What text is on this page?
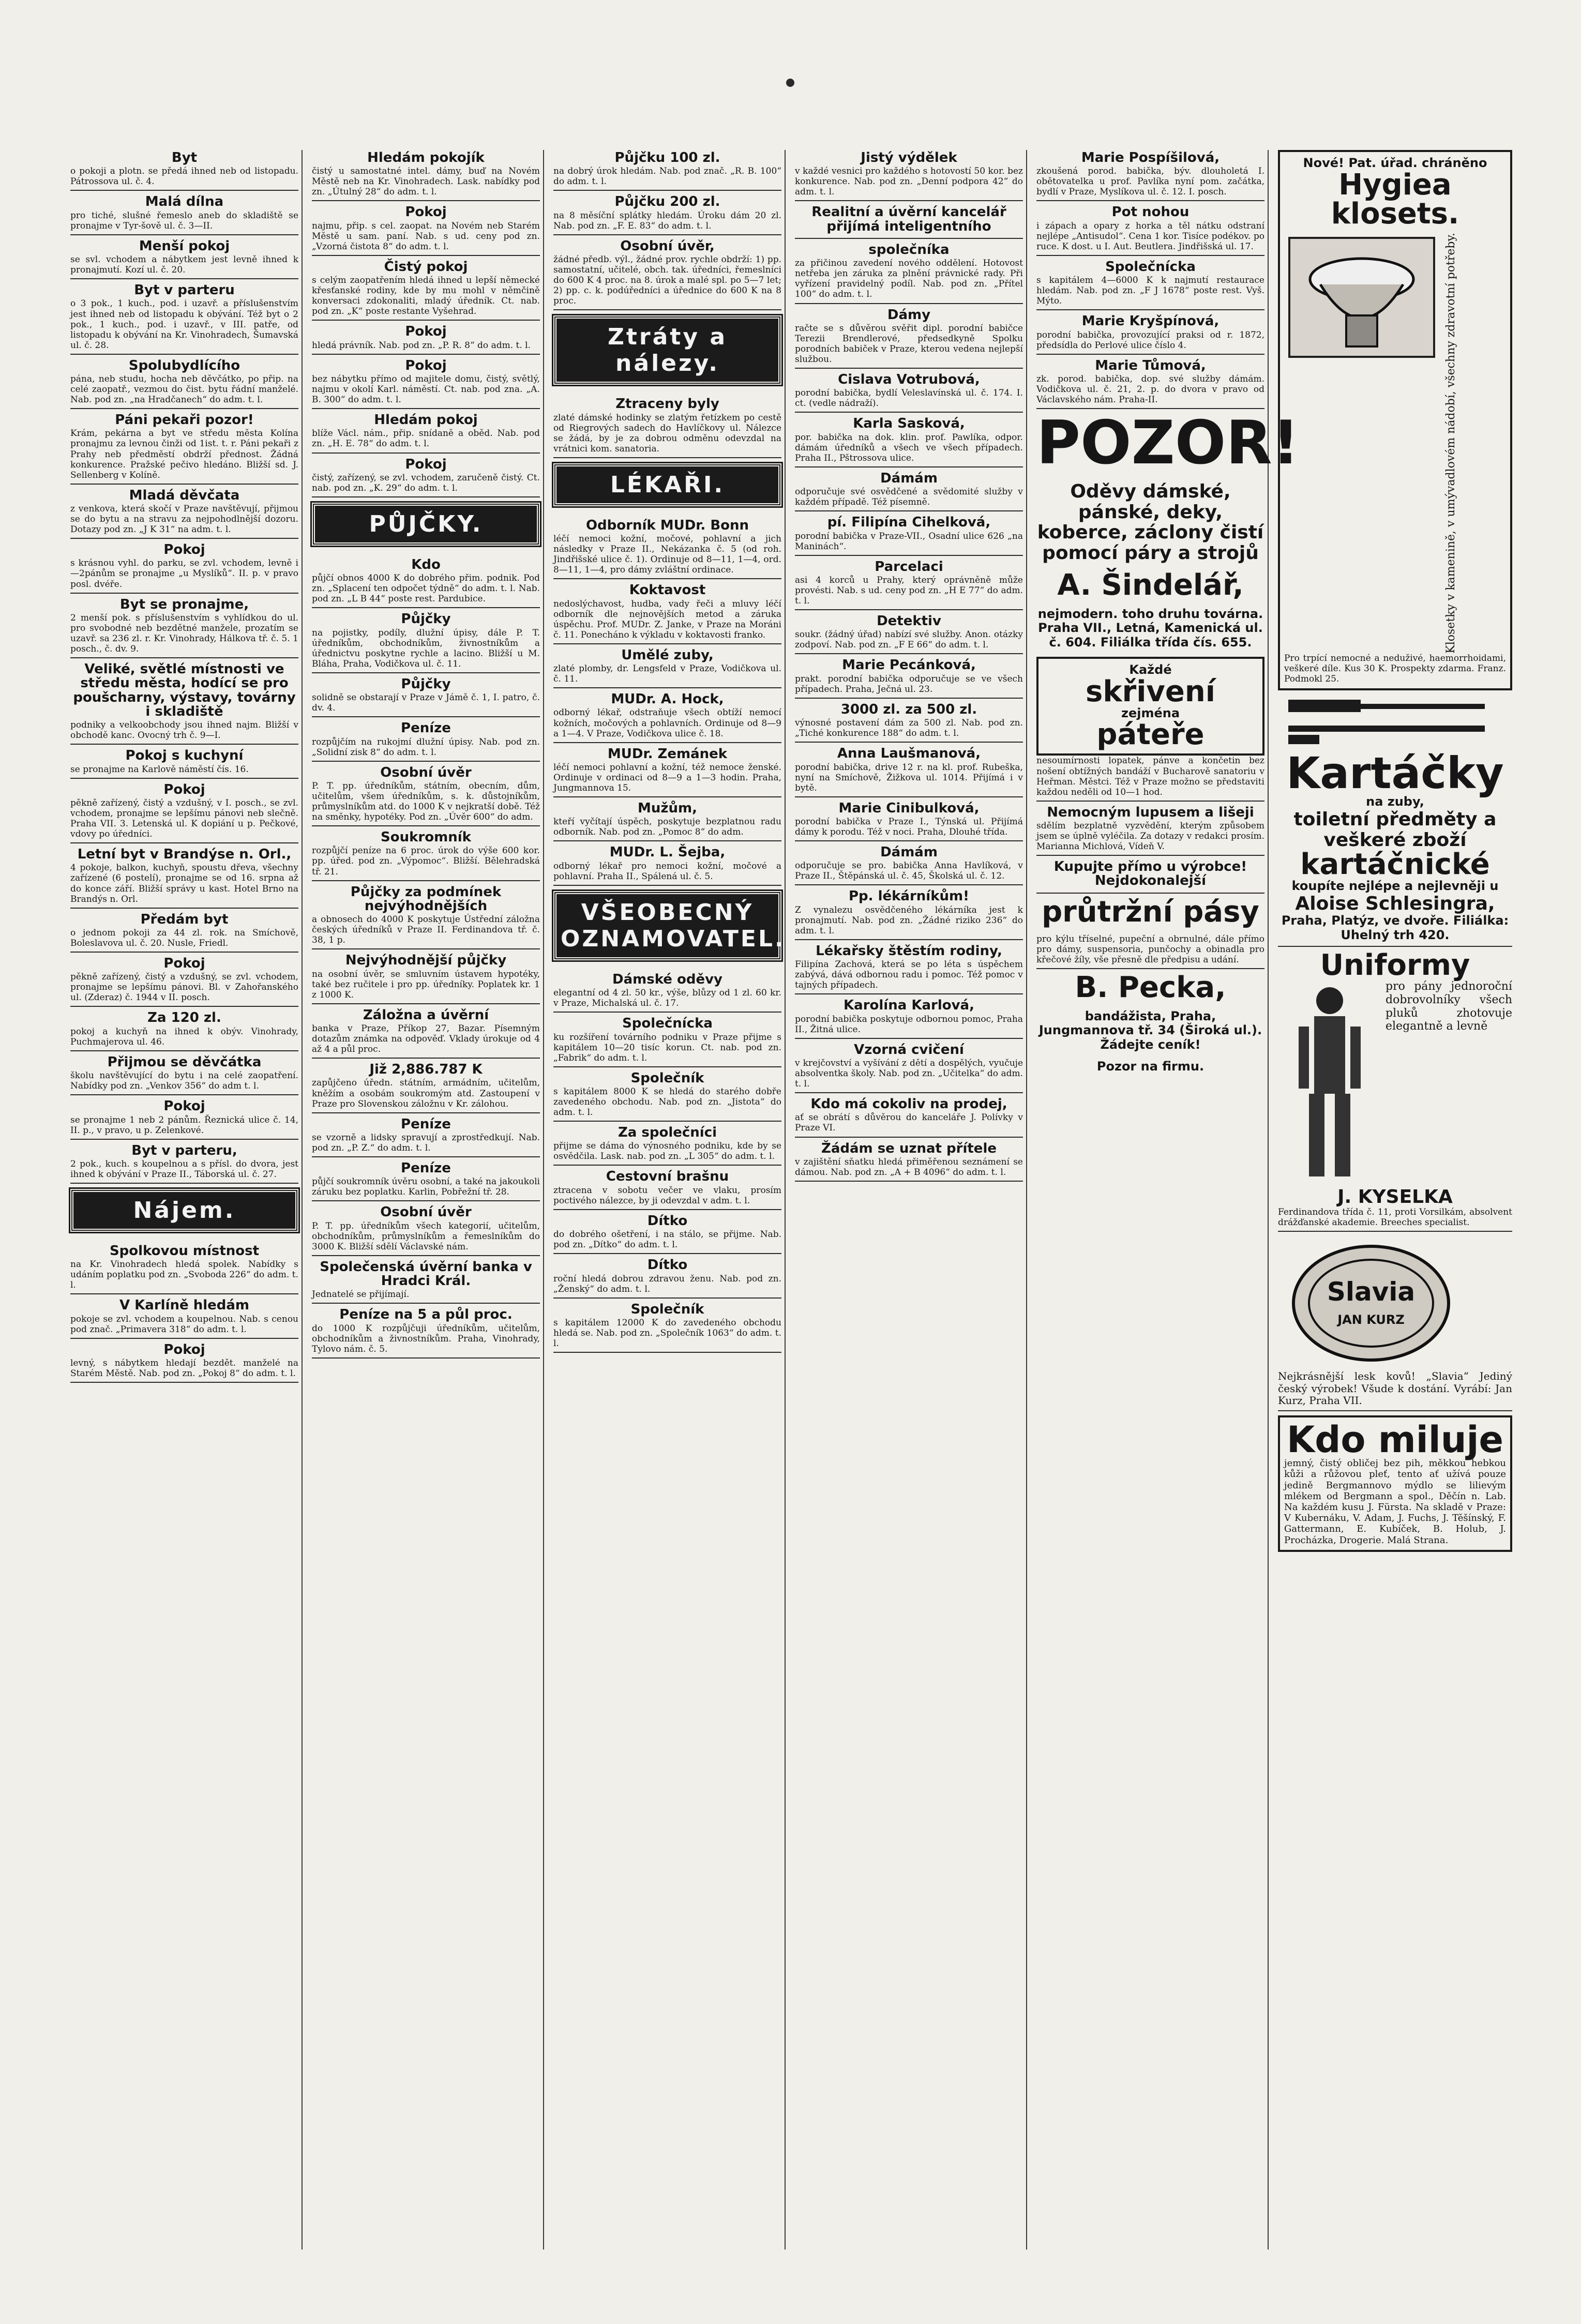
Byt

o pokoji a plotn. se předá ihned neb od listopadu. Pátrossova ul. č. 4.

Malá dílna

pro tiché, slušné řemeslo aneb do skladiště se pronajme v Tyr-šově ul. č. 3—II.

Menší pokoj

se svl. vchodem a nábytkem jest levně ihned k pronajmutí. Kozí ul. č. 20.

Byt v parteru

o 3 pok., 1 kuch., pod. i uzavř. a příslušenstvím jest ihned neb od listopadu k obývání. Též byt o 2 pok., 1 kuch., pod. i uzavř., v III. patře, od listopadu k obývání na Kr. Vinohradech, Šumavská ul. č. 28.

Spolubydlícího

pána, neb studu, hocha neb děvčátko, po přip. na celé zaopatř., vezmou do čist. bytu řádní manželé. Nab. pod zn. „na Hradčanech“ do adm. t. l.

Páni pekaři pozor!

Krám, pekárna a byt ve středu města Kolína pronajmu za levnou činži od 1ist. t. r. Páni pekaři z Prahy neb předměstí obdrží přednost. Žádná konkurence. Pražské pečivo hledáno. Bližší sd. J. Sellenberg v Kolíně.

Mladá děvčata

z venkova, která skočí v Praze navštěvují, přijmou se do bytu a na stravu za nejpohodlnější dozoru. Dotazy pod zn. „J K 31“ na adm. t. l.

Pokoj

s krásnou vyhl. do parku, se zvl. vchodem, levně i—2pánům se pronajme „u Myslíků“. II. p. v pravo posl. dvéře.

Byt se pronajme,

2 menší pok. s příslušenstvím s vyhlídkou do ul. pro svobodné neb bezdětné manžele, prozatím se uzavř. sa 236 zl. r. Kr. Vinohrady, Hálkova tř. č. 5. 1 posch., č. dv. 9.

Veliké, světlé místnosti ve středu města, hodící se pro poušcharny, výstavy, továrny i skladiště

podniky a velkoobchody jsou ihned najm. Bližší v obchodě kanc. Ovocný trh č. 9—I.

Pokoj s kuchyní

se pronajme na Karlově náměstí čís. 16.

Pokoj

pěkně zařízený, čistý a vzdušný, v I. posch., se zvl. vchodem, pronajme se lepšímu pánovi neb slečně. Praha VII. 3. Letenská ul. K dopiání u p. Pečkové, vdovy po úředníci.

Letní byt v Brandýse n. Orl.,

4 pokoje, balkon, kuchyň, spoustu dřeva, všechny zařízené (6 postelí), pronajme se od 16. srpna až do konce září. Bližší správy u kast. Hotel Brno na Brandýs n. Orl.

Předám byt

o jednom pokoji za 44 zl. rok. na Smíchově, Boleslavova ul. č. 20. Nusle, Friedl.

Pokoj

pěkně zařízený, čistý a vzdušný, se zvl. vchodem, pronajme se lepšímu pánovi. Bl. v Zahořanského ul. (Zderaz) č. 1944 v II. posch.

Za 120 zl.

pokoj a kuchyň na ihned k obýv. Vinohrady, Puchmajerova ul. 46.

Přijmou se děvčátka

školu navštěvující do bytu i na celé zaopatření. Nabídky pod zn. „Venkov 356“ do adm t. l.

Pokoj

se pronajme 1 neb 2 pánům. Řeznická ulice č. 14, II. p., v pravo, u p. Zelenkové.

Byt v parteru,

2 pok., kuch. s koupelnou a s přísl. do dvora, jest ihned k obývání v Praze II., Táborská ul. č. 27.

Nájem.
Spolkovou místnost

na Kr. Vinohradech hledá spolek. Nabídky s udáním poplatku pod zn. „Svoboda 226“ do adm. t. l.

V Karlíně hledám

pokoje se zvl. vchodem a koupelnou. Nab. s cenou pod znač. „Primavera 318“ do adm. t. l.

Pokoj

levný, s nábytkem hledají bezdět. manželé na Starém Městě. Nab. pod zn. „Pokoj 8“ do adm. t. l.

Hledám pokojík

čistý u samostatné intel. dámy, buď na Novém Městě neb na Kr. Vinohradech. Lask. nabídky pod zn. „Útulný 28“ do adm. t. l.

Pokoj

najmu, přip. s cel. zaopat. na Novém neb Starém Městě u sam. paní. Nab. s ud. ceny pod zn. „Vzorná čistota 8“ do adm. t. l.

Čistý pokoj

s celým zaopatřením hledá ihned u lepší německé křesťanské rodiny, kde by mu mohl v němčině konversaci zdokonaliti, mladý úředník. Ct. nab. pod zn. „K“ poste restante Vyšehrad.

Pokoj

hledá právník. Nab. pod zn. „P. R. 8“ do adm. t. l.

Pokoj

bez nábytku přímo od majitele domu, čistý, světlý, najmu v okolí Karl. náměstí. Ct. nab. pod zna. „A. B. 300“ do adm. t. l.

Hledám pokoj

blíže Václ. nám., přip. snídaně a oběd. Nab. pod zn. „H. E. 78“ do adm. t. l.

Pokoj

čistý, zařízený, se zvl. vchodem, zaručeně čistý. Ct. nab. pod zn. „K. 29“ do adm. t. l.

PŮJČKY.
Kdo

půjčí obnos 4000 K do dobrého přim. podnik. Pod zn. „Splacení ten odpočet týdně“ do adm. t. l. Nab. pod zn. „L B 44“ poste rest. Pardubice.

Půjčky

na pojistky, podíly, dlužní úpisy, dále P. T. úředníkům, obchodníkům, živnostníkům a úřednictvu poskytne rychle a lacino. Bližší u M. Bláha, Praha, Vodičkova ul. č. 11.

Půjčky

solidně se obstarají v Praze v Jámě č. 1, I. patro, č. dv. 4.

Peníze

rozpůjčím na rukojmí dlužní úpisy. Nab. pod zn. „Solidní zisk 8“ do adm. t. l.

Osobní úvěr

P. T. pp. úředníkům, státním, obecním, dům, učitelům, všem úředníkům, s. k. důstojníkům, průmyslníkům atd. do 1000 K v nejkratší době. Též na směnky, hypotéky. Pod zn. „Úvěr 600“ do adm.

Soukromník

rozpůjčí peníze na 6 proc. úrok do výše 600 kor. pp. úřed. pod zn. „Výpomoc“. Bližší. Bělehradská tř. 21.

Půjčky za podmínek nejvýhodnějších

a obnosech do 4000 K poskytuje Ústřední záložna českých úředníků v Praze II. Ferdinandova tř. č. 38, 1 p.

Nejvýhodnější půjčky

na osobní úvěr, se smluvním ústavem hypotéky, také bez ručitele i pro pp. úředníky. Poplatek kr. 1 z 1000 K.

Záložna a úvěrní

banka v Praze, Příkop 27, Bazar. Písemným dotazům známka na odpověď. Vklady úrokuje od 4 až 4 a půl proc.

Již 2,886.787 K

zapůjčeno úředn. státním, armádním, učitelům, kněžím a osobám soukromým atd. Zastoupení v Praze pro Slovenskou záložnu v Kr. zálohou.

Peníze

se vzorně a lidsky spravují a zprostředkují. Nab. pod zn. „P. Z.“ do adm. t. l.

Peníze

půjčí soukromník úvěru osobní, a také na jakoukoli záruku bez poplatku. Karlin, Pobřežní tř. 28.

Osobní úvěr

P. T. pp. úředníkům všech kategorií, učitelům, obchodníkům, průmyslníkům a řemeslníkům do 3000 K. Bližší sdělí Václavské nám.

Společenská úvěrní banka v Hradci Král.

Jednatelé se přijímají.

Peníze na 5 a půl proc.

do 1000 K rozpůjčuji úředníkům, učitelům, obchodníkům a živnostníkům. Praha, Vinohrady, Tylovo nám. č. 5.

Půjčku 100 zl.

na dobrý úrok hledám. Nab. pod znač. „R. B. 100“ do adm. t. l.

Půjčku 200 zl.

na 8 měsíční splátky hledám. Úroku dám 20 zl. Nab. pod zn. „F. E. 83“ do adm. t. l.

Osobní úvěr,

žádné předb. výl., žádné prov. rychle obdrží: 1) pp. samostatní, učitelé, obch. tak. úředníci, řemeslníci do 600 K 4 proc. na 8. úrok a malé spl. po 5—7 let; 2) pp. c. k. podúředníci a úřednice do 600 K na 8 proc.

Ztráty a nálezy.
Ztraceny byly

zlaté dámské hodinky se zlatým řetízkem po cestě od Riegrových sadech do Havlíčkovy ul. Nálezce se žádá, by je za dobrou odměnu odevzdal na vrátnici kom. sanatoria.

LÉKAŘI.
Odborník MUDr. Bonn

léčí nemoci kožní, močové, pohlavní a jich následky v Praze II., Nekázanka č. 5 (od roh. Jindřišské ulice č. 1). Ordinuje od 8—11, 1—4, ord. 8—11, 1—4, pro dámy zvláštní ordinace.

Koktavost

nedoslýchavost, hudba, vady řeči a mluvy léčí odborník dle nejnovějších metod a záruka úspěchu. Prof. MUDr. Z. Janke, v Praze na Moráni č. 11. Ponecháno k výkladu v koktavosti franko.

Umělé zuby,

zlaté plomby, dr. Lengsfeld v Praze, Vodičkova ul. č. 11.

MUDr. A. Hock,

odborný lékař, odstraňuje všech obtíží nemocí kožních, močových a pohlavních. Ordinuje od 8—9 a 1—4. V Praze, Vodičkova ulice č. 18.

MUDr. Zemánek

léčí nemoci pohlavní a kožní, též nemoce ženské. Ordinuje v ordinaci od 8—9 a 1—3 hodin. Praha, Jungmannova 15.

Mužům,

kteří vyčítají úspěch, poskytuje bezplatnou radu odborník. Nab. pod zn. „Pomoc 8“ do adm.

MUDr. L. Šejba,

odborný lékař pro nemoci kožní, močové a pohlavní. Praha II., Spálená ul. č. 5.

VŠEOBECNÝ OZNAMOVATEL.
Dámské oděvy

elegantní od 4 zl. 50 kr., výše, blůzy od 1 zl. 60 kr. v Praze, Michalská ul. č. 17.

Společnícka

ku rozšíření továrního podniku v Praze přijme s kapitálem 10—20 tisíc korun. Ct. nab. pod zn. „Fabrik“ do adm. t. l.

Společník

s kapitálem 8000 K se hledá do starého dobře zavedeného obchodu. Nab. pod zn. „Jistota“ do adm. t. l.

Za společníci

přijme se dáma do výnosného podniku, kde by se osvědčila. Lask. nab. pod zn. „L 305“ do adm. t. l.

Cestovní brašnu

ztracena v sobotu večer ve vlaku, prosím poctivého nálezce, by ji odevzdal v adm. t. l.

Dítko

do dobrého ošetření, i na stálo, se přijme. Nab. pod zn. „Dítko“ do adm. t. l.

Dítko

roční hledá dobrou zdravou ženu. Nab. pod zn. „Ženský“ do adm. t. l.

Společník

s kapitálem 12000 K do zavedeného obchodu hledá se. Nab. pod zn. „Společník 1063“ do adm. t. l.

Jistý výdělek

v každé vesnici pro každého s hotovostí 50 kor. bez konkurence. Nab. pod zn. „Denní podpora 42“ do adm. t. l.

Realitní a úvěrní kancelář přijímá inteligentního
společníka

za přičinou zavedení nového oddělení. Hotovost netřeba jen záruka za plnění právnické rady. Při vyřízení pravidelný podíl. Nab. pod zn. „Přítel 100“ do adm. t. l.

Dámy

račte se s důvěrou svěřit dipl. porodní babičce Terezii Brendlerové, předsedkyně Spolku porodních babiček v Praze, kterou vedena nejlepší službou.

Cislava Votrubová,

porodní babička, bydlí Veleslavínská ul. č. 174. I. ct. (vedle nádraží).

Karla Sasková,

por. babička na dok. klin. prof. Pawlíka, odpor. dámám úředníků a všech ve všech případech. Praha II., Pštrossova ulice.

Dámám

odporučuje své osvědčené a svědomité služby v každém případě. Též písemně.

pí. Filipína Cihelková,

porodní babička v Praze-VII., Osadní ulice 626 „na Maninách“.

Parcelaci

asi 4 korců u Prahy, který oprávněně může provésti. Nab. s ud. ceny pod zn. „H E 77“ do adm. t. l.

Detektiv

soukr. (žádný úřad) nabízí své služby. Anon. otázky zodpoví. Nab. pod zn. „F E 66“ do adm. t. l.

Marie Pecánková,

prakt. porodní babička odporučuje se ve všech případech. Praha, Ječná ul. 23.

3000 zl. za 500 zl.

výnosné postavení dám za 500 zl. Nab. pod zn. „Tiché konkurence 188“ do adm. t. l.

Anna Laušmanová,

porodní babička, drive 12 r. na kl. prof. Rubeška, nyní na Smíchově, Žižkova ul. 1014. Přijímá i v bytě.

Marie Cinibulková,

porodní babička v Praze I., Týnská ul. Přijímá dámy k porodu. Též v noci. Praha, Dlouhé třída.

Dámám

odporučuje se pro. babička Anna Havlíková, v Praze II., Štěpánská ul. č. 45, Školská ul. č. 12.

Pp. lékárníkům!

Z vynalezu osvědčeného lékárníka jest k pronajmutí. Nab. pod zn. „Žádné riziko 236“ do adm. t. l.

Lékařsky štěstím rodiny,

Filipína Zachová, která se po léta s úspěchem zabývá, dává odbornou radu i pomoc. Též pomoc v tajných případech.

Karolína Karlová,

porodní babička poskytuje odbornou pomoc, Praha II., Žitná ulice.

Vzorná cvičení

v krejčovství a vyšívání z dětí a dospělých, vyučuje absolventka školy. Nab. pod zn. „Učitelka“ do adm. t. l.

Kdo má cokoliv na prodej,

ať se obrátí s důvěrou do kanceláře J. Polívky v Praze VI.

Žádám se uznat přítele

v zajištění sňatku hledá přiměřenou seznámení se dámou. Nab. pod zn. „A + B 4096“ do adm. t. l.

Marie Pospíšilová,

zkoušená porod. babička, býv. dlouholetá I. obětovatelka u prof. Pavlíka nyní pom. začátka, bydlí v Praze, Myslíkova ul. č. 12. I. posch.

Pot nohou

i zápach a opary z horka a těl nátku odstraní nejlépe „Antisudol“. Cena 1 kor. Tisíce podékov. po ruce. K dost. u I. Aut. Beutlera. Jindřišská ul. 17.

Společnícka

s kapitálem 4—6000 K k najmutí restaurace hledám. Nab. pod zn. „F J 1678“ poste rest. Vyš. Mýto.

Marie Kryšpínová,

porodní babička, provozující praksi od r. 1872, předsídla do Perlové ulice číslo 4.

Marie Tůmová,

zk. porod. babička, dop. své služby dámám. Vodičkova ul. č. 21, 2. p. do dvora v pravo od Václavského nám. Praha-II.

POZOR!
Oděvy dámské, pánské, deky, koberce, záclony čistí pomocí páry a strojů
A. Šindelář,
nejmodern. toho druhu továrna. Praha VII., Letná, Kamenická ul. č. 604. Filiálka třída čís. 655.
Každé
skřivení
zejména
páteře

nesoumírnosti lopatek, pánve a končetin bez nošení obtížných bandáží v Bucharově sanatoriu v Heřman. Městci. Též v Praze možno se představiti každou neděli od 10—1 hod.

Nemocným lupusem a lišeji

sdělím bezplatně vyzvědění, kterým způsobem jsem se úplně vyléčila. Za dotazy v redakci prosím. Marianna Michlová, Vídeň V.

Kupujte přímo u výrobce! Nejdokonalejší
průtržní pásy

pro kýlu tříselné, pupeční a obrnulné, dále přímo pro dámy, suspensoria, punčochy a obinadla pro křečové žíly, vše přesně dle předpisu a udání.

B. Pecka,
bandážista, Praha, Jungmannova tř. 34 (Široká ul.). Žádejte ceník!
Pozor na firmu.
Nové! Pat. úřad. chráněno
Hygiea klosets.
Klosetky v kamenině, v umývadlovém nádobí, všechny zdravotní potřeby.

Pro trpící nemocné a neduživé, haemorrhoidami, veškeré díle. Kus 30 K. Prospekty zdarma. Franz. Podmokl 25.

Kartáčky
na zuby,
toiletní předměty a veškeré zboží
kartáčnické
koupíte nejlépe a nejlevněji u
Aloise Schlesingra,
Praha, Platýz, ve dvoře. Filiálka: Uhelný trh 420.
Uniformy

pro pány jednoroční dobrovolníky všech pluků zhotovuje elegantně a levně

J. KYSELKA

Ferdinandova třída č. 11, proti Vorsilkám, absolvent drážďanské akademie. Breeches specialist.

Slavia
JAN KURZ

Nejkrásnější lesk kovů! „Slavia“ Jediný český výrobek! Všude k dostání. Vyrábí: Jan Kurz, Praha VII.

Kdo miluje

jemný, čistý obličej bez pih, měkkou hebkou kůži a růžovou pleť, tento ať užívá pouze jedině Bergmannovo mýdlo se lilievým mlékem od Bergmann a spol., Děčín n. Lab. Na každém kusu J. Fürsta. Na skladě v Praze: V Kubernáku, V. Adam, J. Fuchs, J. Těšínský, F. Gattermann, E. Kubíček, B. Holub, J. Procházka, Drogerie. Malá Strana.
